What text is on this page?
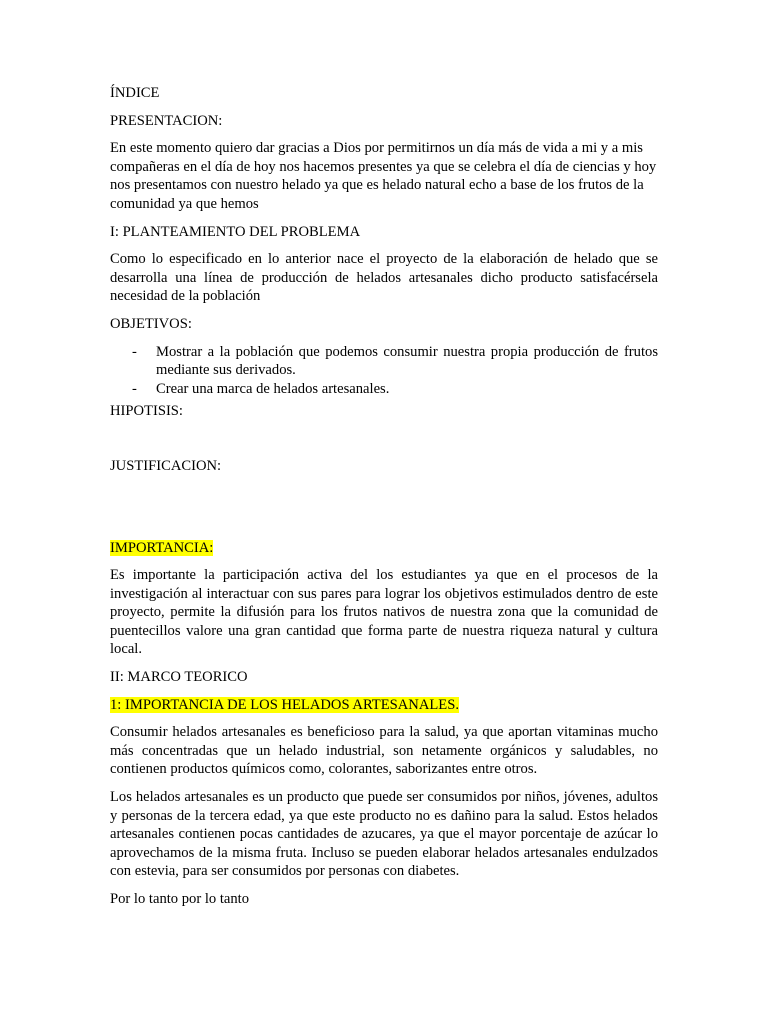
ÍNDICE

PRESENTACION:

En este momento quiero dar gracias a Dios por permitirnos un día más de vida a mi y a mis compañeras en el día de hoy nos hacemos presentes ya que se celebra el día de ciencias y hoy nos presentamos con nuestro helado ya que es helado natural echo a base de los frutos de la comunidad ya que hemos

I: PLANTEAMIENTO DEL PROBLEMA

Como lo especificado en lo anterior nace el proyecto de la elaboración de helado que se desarrolla una línea de producción de helados artesanales dicho producto satisfacérsela necesidad de la población

OBJETIVOS:

- Mostrar a la población que podemos consumir nuestra propia producción de frutos mediante sus derivados.
- Crear una marca de helados artesanales.

HIPOTISIS:

JUSTIFICACION:

IMPORTANCIA:

Es importante la participación activa del los estudiantes ya que en el procesos de la investigación al interactuar con sus pares para lograr los objetivos estimulados dentro de este proyecto, permite la difusión para los frutos nativos de nuestra zona que la comunidad de puentecillos valore una gran cantidad que forma parte de nuestra riqueza natural y cultura local.

II: MARCO TEORICO

1: IMPORTANCIA DE LOS HELADOS ARTESANALES.

Consumir helados artesanales es beneficioso para la salud, ya que aportan vitaminas mucho más concentradas que un helado industrial, son netamente orgánicos y saludables, no contienen productos químicos como, colorantes, saborizantes entre otros.

Los helados artesanales es un producto que puede ser consumidos por niños, jóvenes, adultos y personas de la tercera edad, ya que este producto no es dañino para la salud. Estos helados artesanales contienen pocas cantidades de azucares, ya que el mayor porcentaje de azúcar lo aprovechamos de la misma fruta. Incluso se pueden elaborar helados artesanales endulzados con estevia, para ser consumidos por personas con diabetes.

Por lo tanto por lo tanto
